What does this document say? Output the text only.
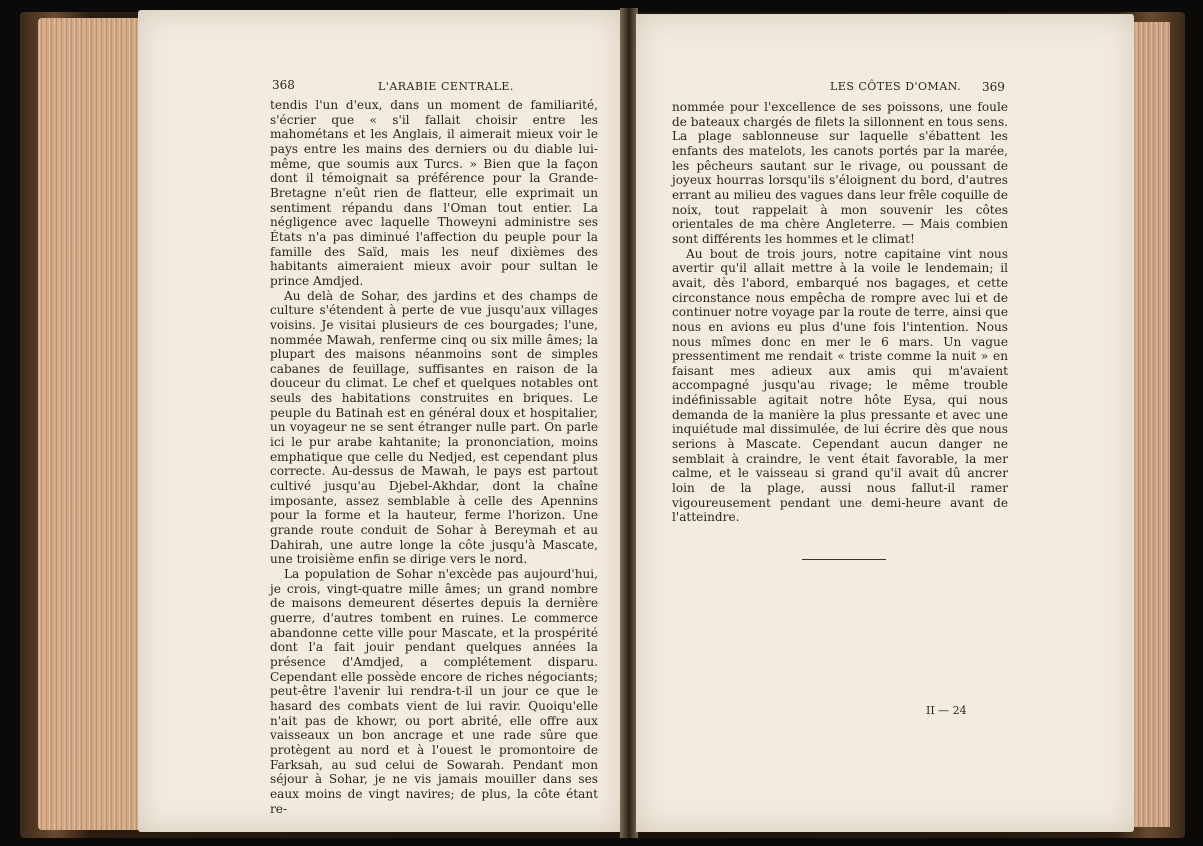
368	L'ARABIE CENTRALE.

tendis l'un d'eux, dans un moment de familiarité, s'écrier que « s'il fallait choisir entre les mahométans et les Anglais, il aimerait mieux voir le pays entre les mains des derniers ou du diable lui-même, que soumis aux Turcs. » Bien que la façon dont il témoignait sa préférence pour la Grande-Bretagne n'eût rien de flatteur, elle exprimait un sentiment répandu dans l'Oman tout entier. La négligence avec laquelle Thoweyni administre ses États n'a pas diminué l'affection du peuple pour la famille des Saïd, mais les neuf dixièmes des habitants aimeraient mieux avoir pour sultan le prince Amdjed.

Au delà de Sohar, des jardins et des champs de culture s'étendent à perte de vue jusqu'aux villages voisins. Je visitai plusieurs de ces bourgades; l'une, nommée Mawah, renferme cinq ou six mille âmes; la plupart des maisons néanmoins sont de simples cabanes de feuillage, suffisantes en raison de la douceur du climat. Le chef et quelques notables ont seuls des habitations construites en briques. Le peuple du Batinah est en général doux et hospitalier, un voyageur ne se sent étranger nulle part. On parle ici le pur arabe kahtanite; la prononciation, moins emphatique que celle du Nedjed, est cependant plus correcte. Au-dessus de Mawah, le pays est partout cultivé jusqu'au Djebel-Akhdar, dont la chaîne imposante, assez semblable à celle des Apennins pour la forme et la hauteur, ferme l'horizon. Une grande route conduit de Sohar à Bereymah et au Dahirah, une autre longe la côte jusqu'à Mascate, une troisième enfin se dirige vers le nord.

La population de Sohar n'excède pas aujourd'hui, je crois, vingt-quatre mille âmes; un grand nombre de maisons demeurent désertes depuis la dernière guerre, d'autres tombent en ruines. Le commerce abandonne cette ville pour Mascate, et la prospérité dont l'a fait jouir pendant quelques années la présence d'Amdjed, a complétement disparu. Cependant elle possède encore de riches négociants; peut-être l'avenir lui rendra-t-il un jour ce que le hasard des combats vient de lui ravir. Quoiqu'elle n'ait pas de khowr, ou port abrité, elle offre aux vaisseaux un bon ancrage et une rade sûre que protègent au nord et à l'ouest le promontoire de Farksah, au sud celui de Sowarah. Pendant mon séjour à Sohar, je ne vis jamais mouiller dans ses eaux moins de vingt navires; de plus, la côte étant re-

LES CÔTES D'OMAN. 369

nommée pour l'excellence de ses poissons, une foule de bateaux chargés de filets la sillonnent en tous sens. La plage sablonneuse sur laquelle s'ébattent les enfants des matelots, les canots portés par la marée, les pêcheurs sautant sur le rivage, ou poussant de joyeux hourras lorsqu'ils s'éloignent du bord, d'autres errant au milieu des vagues dans leur frêle coquille de noix, tout rappelait à mon souvenir les côtes orientales de ma chère Angleterre. — Mais combien sont différents les hommes et le climat!

Au bout de trois jours, notre capitaine vint nous avertir qu'il allait mettre à la voile le lendemain; il avait, dès l'abord, embarqué nos bagages, et cette circonstance nous empêcha de rompre avec lui et de continuer notre voyage par la route de terre, ainsi que nous en avions eu plus d'une fois l'intention. Nous nous mîmes donc en mer le 6 mars. Un vague pressentiment me rendait « triste comme la nuit » en faisant mes adieux aux amis qui m'avaient accompagné jusqu'au rivage; le même trouble indéfinissable agitait notre hôte Eysa, qui nous demanda de la manière la plus pressante et avec une inquiétude mal dissimulée, de lui écrire dès que nous serions à Mascate. Cependant aucun danger ne semblait à craindre, le vent était favorable, la mer calme, et le vaisseau si grand qu'il avait dû ancrer loin de la plage, aussi nous fallut-il ramer vigoureusement pendant une demi-heure avant de l'atteindre.

II — 24
